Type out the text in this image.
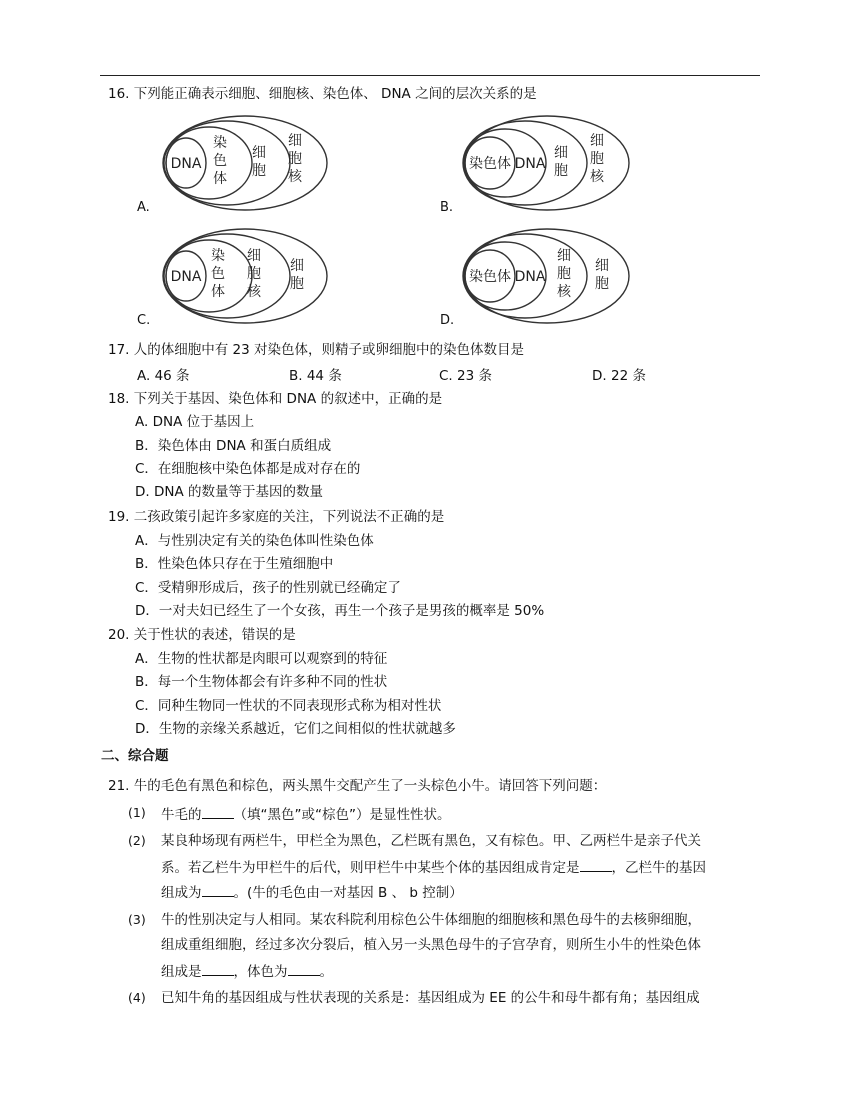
16. 下列能正确表示细胞、细胞核、染色体、 DNA 之间的层次关系的是
DNA
染色体
细胞
细胞核
A.
染色体 DNA
细胞
细胞核
B.
DNA
染色体
细胞核
细胞
C.
染色体 DNA
细胞核
细胞
D.
17. 人的体细胞中有 23 对染色体，则精子或卵细胞中的染色体数目是
A. 46 条	B. 44 条	C. 23 条	D. 22 条
18. 下列关于基因、染色体和 DNA 的叙述中，正确的是
A. DNA 位于基因上
B．染色体由 DNA 和蛋白质组成
C．在细胞核中染色体都是成对存在的
D. DNA 的数量等于基因的数量
19. 二孩政策引起许多家庭的关注，下列说法不正确的是
A．与性别决定有关的染色体叫性染色体
B．性染色体只存在于生殖细胞中
C．受精卵形成后，孩子的性别就已经确定了
D．一对夫妇已经生了一个女孩，再生一个孩子是男孩的概率是 50%
20. 关于性状的表述，错误的是
A．生物的性状都是肉眼可以观察到的特征
B．每一个生物体都会有许多种不同的性状
C．同种生物同一性状的不同表现形式称为相对性状
D．生物的亲缘关系越近，它们之间相似的性状就越多
二、综合题
21. 牛的毛色有黑色和棕色，两头黑牛交配产生了一头棕色小牛。请回答下列问题：
(1) 牛毛的 （填“黑色”或“棕色”）是显性性状。
(2) 某良种场现有两栏牛，甲栏全为黑色，乙栏既有黑色，又有棕色。甲、乙两栏牛是亲子代关
系。若乙栏牛为甲栏牛的后代，则甲栏牛中某些个体的基因组成肯定是 ，乙栏牛的基因
组成为 。(牛的毛色由一对基因 B 、 b 控制）
(3) 牛的性别决定与人相同。某农科院利用棕色公牛体细胞的细胞核和黑色母牛的去核卵细胞，
组成重组细胞，经过多次分裂后，植入另一头黑色母牛的子宫孕育，则所生小牛的性染色体
组成是 ，体色为 。
(4) 已知牛角的基因组成与性状表现的关系是：基因组成为 EE 的公牛和母牛都有角；基因组成
